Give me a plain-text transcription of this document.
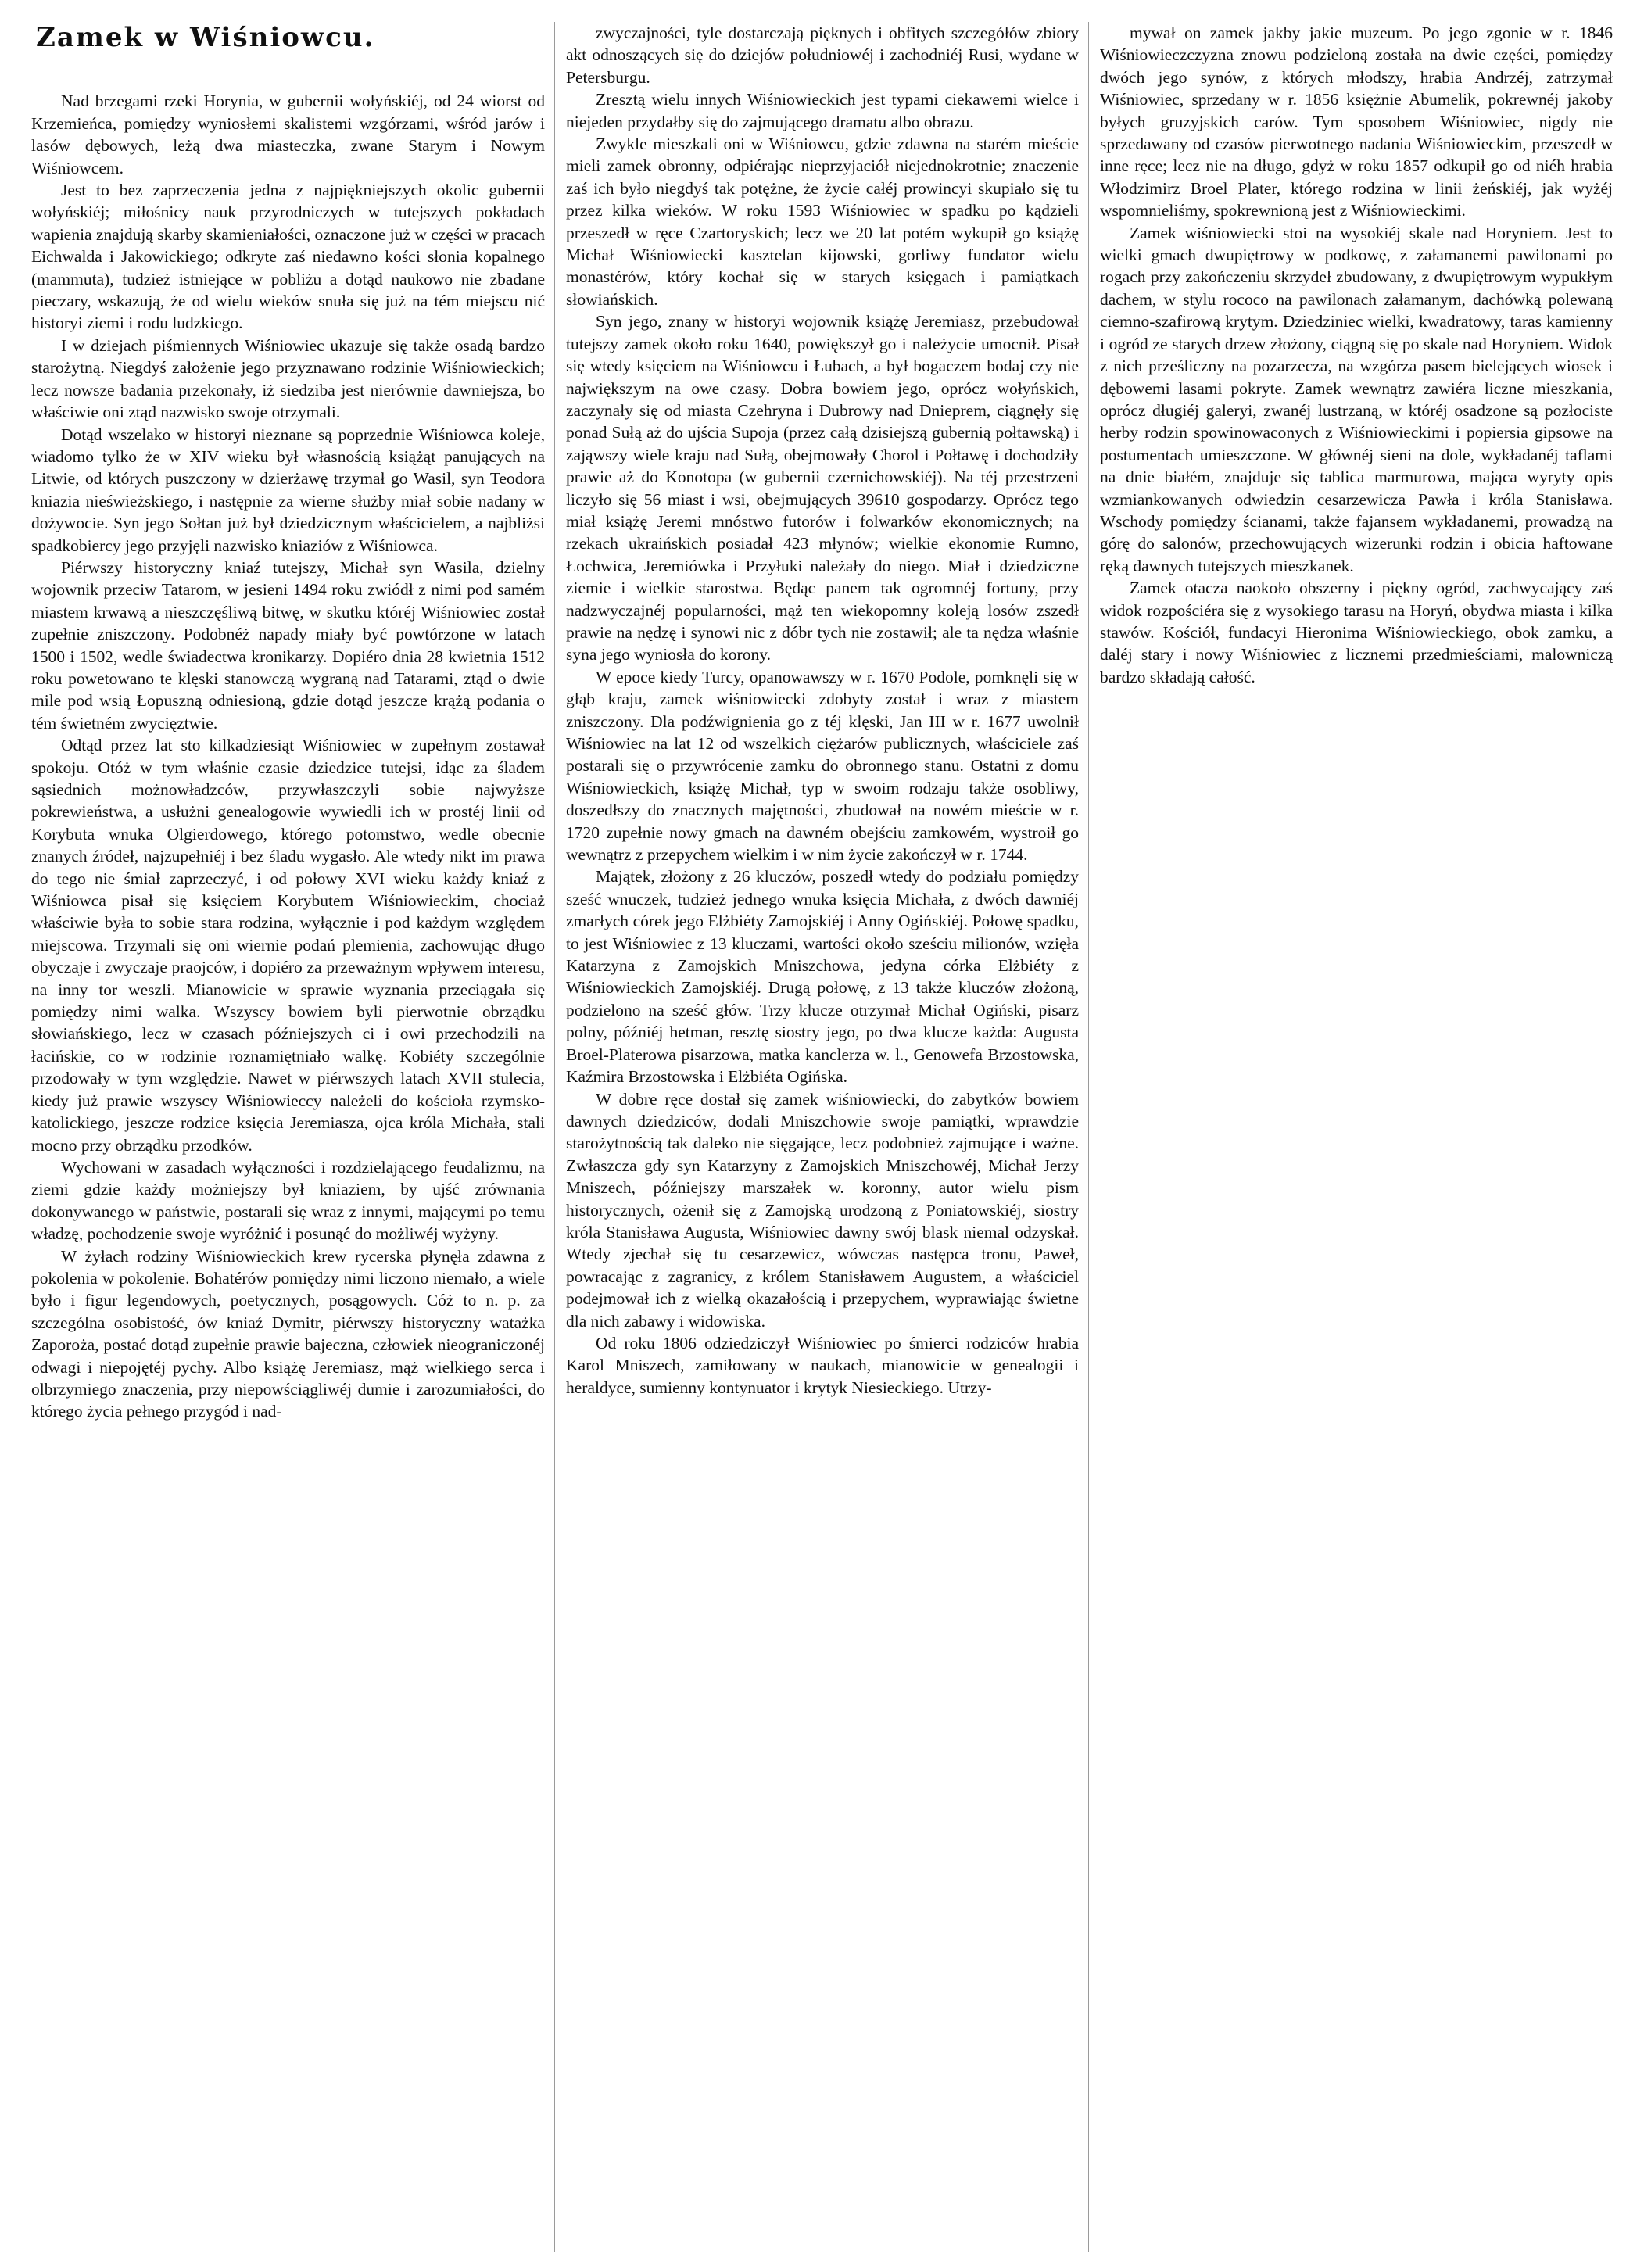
Zamek w Wiśniowcu.

Nad brzegami rzeki Horynia, w gubernii wołyńskiéj, od 24 wiorst od Krzemieńca, pomiędzy wyniosłemi skalistemi wzgórzami, wśród jarów i lasów dębowych, leżą dwa miasteczka, zwane Starym i Nowym Wiśniowcem.

Jest to bez zaprzeczenia jedna z najpiękniejszych okolic gubernii wołyńskiéj; miłośnicy nauk przyrodniczych w tutejszych pokładach wapienia znajdują skarby skamieniałości, oznaczone już w części w pracach Eichwalda i Jakowickiego; odkryte zaś niedawno kości słonia kopalnego (mammuta), tudzież istniejące w pobliżu a dotąd naukowo nie zbadane pieczary, wskazują, że od wielu wieków snuła się już na tém miejscu nić historyi ziemi i rodu ludzkiego.

I w dziejach piśmiennych Wiśniowiec ukazuje się także osadą bardzo starożytną. Niegdyś założenie jego przyznawano rodzinie Wiśniowieckich; lecz nowsze badania przekonały, iż siedziba jest nierównie dawniejsza, bo właściwie oni ztąd nazwisko swoje otrzymali.

Dotąd wszelako w historyi nieznane są poprzednie Wiśniowca koleje, wiadomo tylko że w XIV wieku był własnością książąt panujących na Litwie, od których puszczony w dzierżawę trzymał go Wasil, syn Teodora kniazia nieświeżskiego, i następnie za wierne służby miał sobie nadany w dożywocie. Syn jego Sołtan już był dziedzicznym właścicielem, a najbliżsi spadkobiercy jego przyjęli nazwisko kniaziów z Wiśniowca.

Piérwszy historyczny kniaź tutejszy, Michał syn Wasila, dzielny wojownik przeciw Tatarom, w jesieni 1494 roku zwiódł z nimi pod samém miastem krwawą a nieszczęśliwą bitwę, w skutku któréj Wiśniowiec został zupełnie zniszczony. Podobnéż napady miały być powtórzone w latach 1500 i 1502, wedle świadectwa kronikarzy. Dopiéro dnia 28 kwietnia 1512 roku powetowano te klęski stanowczą wygraną nad Tatarami, ztąd o dwie mile pod wsią Łopuszną odniesioną, gdzie dotąd jeszcze krążą podania o tém świetném zwycięztwie.

Odtąd przez lat sto kilkadziesiąt Wiśniowiec w zupełnym zostawał spokoju. Otóż w tym właśnie czasie dziedzice tutejsi, idąc za śladem sąsiednich możnowładzców, przywłaszczyli sobie najwyższe pokrewieństwa, a usłużni genealogowie wywiedli ich w prostéj linii od Korybuta wnuka Olgierdowego, którego potomstwo, wedle obecnie znanych źródeł, najzupełniéj i bez śladu wygasło. Ale wtedy nikt im prawa do tego nie śmiał zaprzeczyć, i od połowy XVI wieku każdy kniaź z Wiśniowca pisał się księciem Korybutem Wiśniowieckim, chociaż właściwie była to sobie stara rodzina, wyłącznie i pod każdym względem miejscowa. Trzymali się oni wiernie podań plemienia, zachowując długo obyczaje i zwyczaje praojców, i dopiéro za przeważnym wpływem interesu, na inny tor weszli. Mianowicie w sprawie wyznania przeciągała się pomiędzy nimi walka. Wszyscy bowiem byli pierwotnie obrządku słowiańskiego, lecz w czasach późniejszych ci i owi przechodzili na łacińskie, co w rodzinie roznamiętniało walkę. Kobiéty szczególnie przodowały w tym względzie. Nawet w piérwszych latach XVII stulecia, kiedy już prawie wszyscy Wiśniowieccy należeli do kościoła rzymsko-katolickiego, jeszcze rodzice księcia Jeremiasza, ojca króla Michała, stali mocno przy obrządku przodków.

Wychowani w zasadach wyłączności i rozdzielającego feudalizmu, na ziemi gdzie każdy możniejszy był kniaziem, by ujść zrównania dokonywanego w państwie, postarali się wraz z innymi, mającymi po temu władzę, pochodzenie swoje wyróżnić i posunąć do możliwéj wyżyny.

W żyłach rodziny Wiśniowieckich krew rycerska płynęła zdawna z pokolenia w pokolenie. Bohatérów pomiędzy nimi liczono niemało, a wiele było i figur legendowych, poetycznych, posągowych. Cóż to n. p. za szczególna osobistość, ów kniaź Dymitr, piérwszy historyczny watażka Zaporoża, postać dotąd zupełnie prawie bajeczna, człowiek nieograniczonéj odwagi i niepojętéj pychy. Albo książę Jeremiasz, mąż wielkiego serca i olbrzymiego znaczenia, przy niepowściągliwéj dumie i zarozumiałości, do którego życia pełnego przygód i nad-

zwyczajności, tyle dostarczają pięknych i obfitych szczegółów zbiory akt odnoszących się do dziejów południowéj i zachodniéj Rusi, wydane w Petersburgu.

Zresztą wielu innych Wiśniowieckich jest typami ciekawemi wielce i niejeden przydałby się do zajmującego dramatu albo obrazu.

Zwykle mieszkali oni w Wiśniowcu, gdzie zdawna na starém mieście mieli zamek obronny, odpiérając nieprzyjaciół niejednokrotnie; znaczenie zaś ich było niegdyś tak potężne, że życie całéj prowincyi skupiało się tu przez kilka wieków. W roku 1593 Wiśniowiec w spadku po kądzieli przeszedł w ręce Czartoryskich; lecz we 20 lat potém wykupił go książę Michał Wiśniowiecki kasztelan kijowski, gorliwy fundator wielu monastérów, który kochał się w starych księgach i pamiątkach słowiańskich.

Syn jego, znany w historyi wojownik książę Jeremiasz, przebudował tutejszy zamek około roku 1640, powiększył go i należycie umocnił. Pisał się wtedy księciem na Wiśniowcu i Łubach, a był bogaczem bodaj czy nie największym na owe czasy. Dobra bowiem jego, oprócz wołyńskich, zaczynały się od miasta Czehryna i Dubrowy nad Dnieprem, ciągnęły się ponad Sułą aż do ujścia Supoja (przez całą dzisiejszą gubernią połtawską) i zająwszy wiele kraju nad Sułą, obejmowały Chorol i Połtawę i dochodziły prawie aż do Konotopa (w gubernii czernichowskiéj). Na téj przestrzeni liczyło się 56 miast i wsi, obejmujących 39610 gospodarzy. Oprócz tego miał książę Jeremi mnóstwo futorów i folwarków ekonomicznych; na rzekach ukraińskich posiadał 423 młynów; wielkie ekonomie Rumno, Łochwica, Jeremiówka i Przyłuki należały do niego. Miał i dziedziczne ziemie i wielkie starostwa. Będąc panem tak ogromnéj fortuny, przy nadzwyczajnéj popularności, mąż ten wiekopomny koleją losów zszedł prawie na nędzę i synowi nic z dóbr tych nie zostawił; ale ta nędza właśnie syna jego wyniosła do korony.

W epoce kiedy Turcy, opanowawszy w r. 1670 Podole, pomknęli się w głąb kraju, zamek wiśniowiecki zdobyty został i wraz z miastem zniszczony. Dla podźwignienia go z téj klęski, Jan III w r. 1677 uwolnił Wiśniowiec na lat 12 od wszelkich ciężarów publicznych, właściciele zaś postarali się o przywrócenie zamku do obronnego stanu. Ostatni z domu Wiśniowieckich, książę Michał, typ w swoim rodzaju także osobliwy, doszedłszy do znacznych majętności, zbudował na nowém mieście w r. 1720 zupełnie nowy gmach na dawném obejściu zamkowém, wystroił go wewnątrz z przepychem wielkim i w nim życie zakończył w r. 1744.

Majątek, złożony z 26 kluczów, poszedł wtedy do podziału pomiędzy sześć wnuczek, tudzież jednego wnuka księcia Michała, z dwóch dawniéj zmarłych córek jego Elżbiéty Zamojskiéj i Anny Ogińskiéj. Połowę spadku, to jest Wiśniowiec z 13 kluczami, wartości około sześciu milionów, wzięła Katarzyna z Zamojskich Mniszchowa, jedyna córka Elżbiéty z Wiśniowieckich Zamojskiéj. Drugą połowę, z 13 także kluczów złożoną, podzielono na sześć głów. Trzy klucze otrzymał Michał Ogiński, pisarz polny, późniéj hetman, resztę siostry jego, po dwa klucze każda: Augusta Broel-Platerowa pisarzowa, matka kanclerza w. l., Genowefa Brzostowska, Kaźmira Brzostowska i Elżbiéta Ogińska.

W dobre ręce dostał się zamek wiśniowiecki, do zabytków bowiem dawnych dziedziców, dodali Mniszchowie swoje pamiątki, wprawdzie starożytnością tak daleko nie sięgające, lecz podobnież zajmujące i ważne. Zwłaszcza gdy syn Katarzyny z Zamojskich Mniszchowéj, Michał Jerzy Mniszech, późniejszy marszałek w. koronny, autor wielu pism historycznych, ożenił się z Zamojską urodzoną z Poniatowskiéj, siostry króla Stanisława Augusta, Wiśniowiec dawny swój blask niemal odzyskał. Wtedy zjechał się tu cesarzewicz, wówczas następca tronu, Paweł, powracając z zagranicy, z królem Stanisławem Augustem, a właściciel podejmował ich z wielką okazałością i przepychem, wyprawiając świetne dla nich zabawy i widowiska.

Od roku 1806 odziedziczył Wiśniowiec po śmierci rodziców hrabia Karol Mniszech, zamiłowany w naukach, mianowicie w genealogii i heraldyce, sumienny kontynuator i krytyk Niesieckiego. Utrzy-

mywał on zamek jakby jakie muzeum. Po jego zgonie w r. 1846 Wiśniowieczczyzna znowu podzieloną została na dwie części, pomiędzy dwóch jego synów, z których młodszy, hrabia Andrzéj, zatrzymał Wiśniowiec, sprzedany w r. 1856 księżnie Abumelik, pokrewnéj jakoby byłych gruzyjskich carów. Tym sposobem Wiśniowiec, nigdy nie sprzedawany od czasów pierwotnego nadania Wiśniowieckim, przeszedł w inne ręce; lecz nie na długo, gdyż w roku 1857 odkupił go od niéh hrabia Włodzimirz Broel Plater, którego rodzina w linii żeńskiéj, jak wyżéj wspomnieliśmy, spokrewnioną jest z Wiśniowieckimi.

Zamek wiśniowiecki stoi na wysokiéj skale nad Horyniem. Jest to wielki gmach dwupiętrowy w podkowę, z załamanemi pawilonami po rogach przy zakończeniu skrzydeł zbudowany, z dwupiętrowym wypukłym dachem, w stylu rococo na pawilonach załamanym, dachówką polewaną ciemno-szafirową krytym. Dziedziniec wielki, kwadratowy, taras kamienny i ogród ze starych drzew złożony, ciągną się po skale nad Horyniem. Widok z nich prześliczny na pozarzecza, na wzgórza pasem bielejących wiosek i dębowemi lasami pokryte. Zamek wewnątrz zawiéra liczne mieszkania, oprócz długiéj galeryi, zwanéj lustrzaną, w któréj osadzone są pozłociste herby rodzin spowinowaconych z Wiśniowieckimi i popiersia gipsowe na postumentach umieszczone. W głównéj sieni na dole, wykładanéj taflami na dnie białém, znajduje się tablica marmurowa, mająca wyryty opis wzmiankowanych odwiedzin cesarzewicza Pawła i króla Stanisława. Wschody pomiędzy ścianami, także fajansem wykładanemi, prowadzą na górę do salonów, przechowujących wizerunki rodzin i obicia haftowane ręką dawnych tutejszych mieszkanek.

Zamek otacza naokoło obszerny i piękny ogród, zachwycający zaś widok rozpościéra się z wysokiego tarasu na Horyń, obydwa miasta i kilka stawów. Kościół, fundacyi Hieronima Wiśniowieckiego, obok zamku, a daléj stary i nowy Wiśniowiec z licznemi przedmieściami, malowniczą bardzo składają całość.
